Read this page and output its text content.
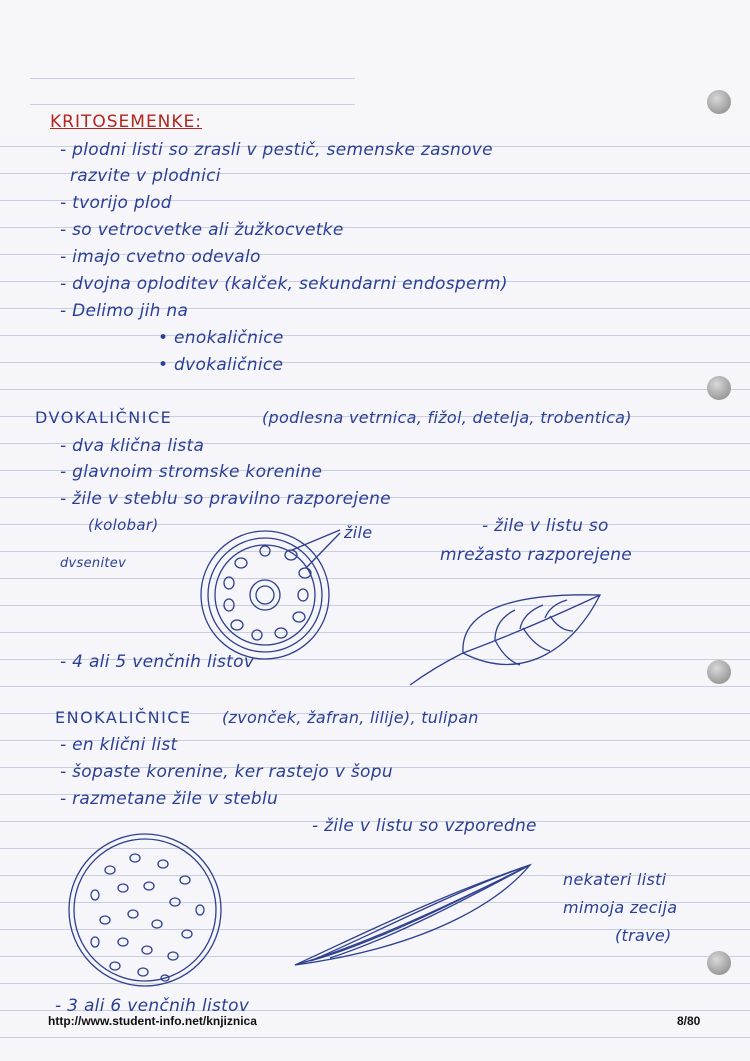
KRITOSEMENKE:
- plodni listi so zrasli v pestič, semenske zasnove
razvite v plodnici
- tvorijo plod
- so vetrocvetke ali žužkocvetke
- imajo cvetno odevalo
- dvojna oploditev (kalček, sekundarni endosperm)
- Delimo jih na
• enokaličnice
• dvokaličnice
DVOKALIČNICE	(podlesna vetrnica, fižol, detelja, trobentica)
- dva klična lista
- glavnoim stromske korenine
- žile v steblu so pravilno razporejene
(kolobar)
dvsenitev
žile	- žile v listu so
mrežasto razporejene
- 4 ali 5 venčnih listov
ENOKALIČNICE (zvonček, žafran, lilije), tulipan
- en klični list
- šopaste korenine, ker rastejo v šopu
- razmetane žile v steblu
- žile v listu so vzporedne
nekateri listi
mimoja zecija
(trave)
- 3 ali 6 venčnih listov
http://www.student-info.net/knjiznica	8/80
